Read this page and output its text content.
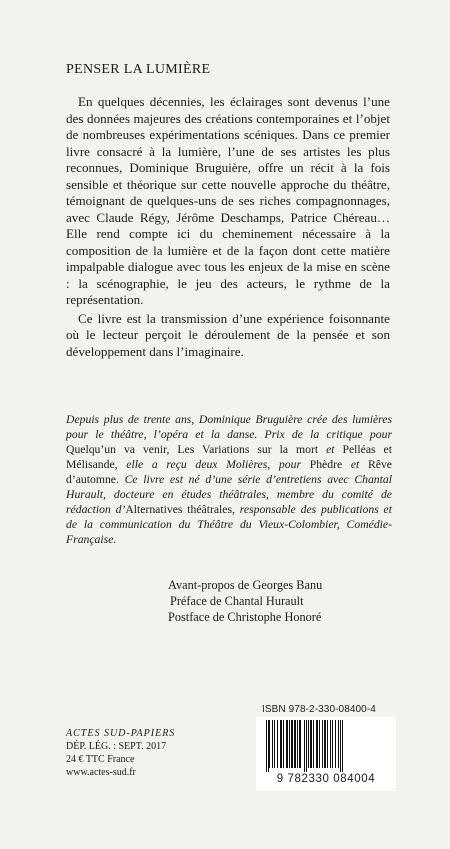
PENSER LA LUMIÈRE

En quelques décennies, les éclairages sont devenus l’une des données majeures des créations contemporaines et l’objet de nombreuses expérimentations scéniques. Dans ce premier livre consacré à la lumière, l’une de ses artistes les plus reconnues, Dominique Bruguière, offre un récit à la fois sensible et théorique sur cette nouvelle approche du théâtre, témoignant de quelques-uns de ses riches compagnonnages, avec Claude Régy, Jérôme Deschamps, Patrice Chéreau… Elle rend compte ici du cheminement nécessaire à la composition de la lumière et de la façon dont cette matière impalpable dialogue avec tous les enjeux de la mise en scène : la scénographie, le jeu des acteurs, le rythme de la représentation.

Ce livre est la transmission d’une expérience foisonnante où le lecteur perçoit le déroulement de la pensée et son développement dans l’imaginaire.

Depuis plus de trente ans, Dominique Bruguière crée des lumières pour le théâtre, l’opéra et la danse. Prix de la critique pour Quelqu’un va venir, Les Variations sur la mort et Pelléas et Mélisande, elle a reçu deux Molières, pour Phèdre et Rêve d’automne. Ce livre est né d’une série d’entretiens avec Chantal Hurault, docteure en études théâtrales, membre du comité de rédaction d’Alternatives théâtrales, responsable des publications et de la communication du Théâtre du Vieux-Colombier, Comédie-Française.

Avant-propos de Georges Banu
Préface de Chantal Hurault
Postface de Christophe Honoré
ISBN 978-2-330-08400-4
9 782330 084004
ACTES SUD-PAPIERS
DÉP. LÉG. : SEPT. 2017
24 € TTC France
www.actes-sud.fr
